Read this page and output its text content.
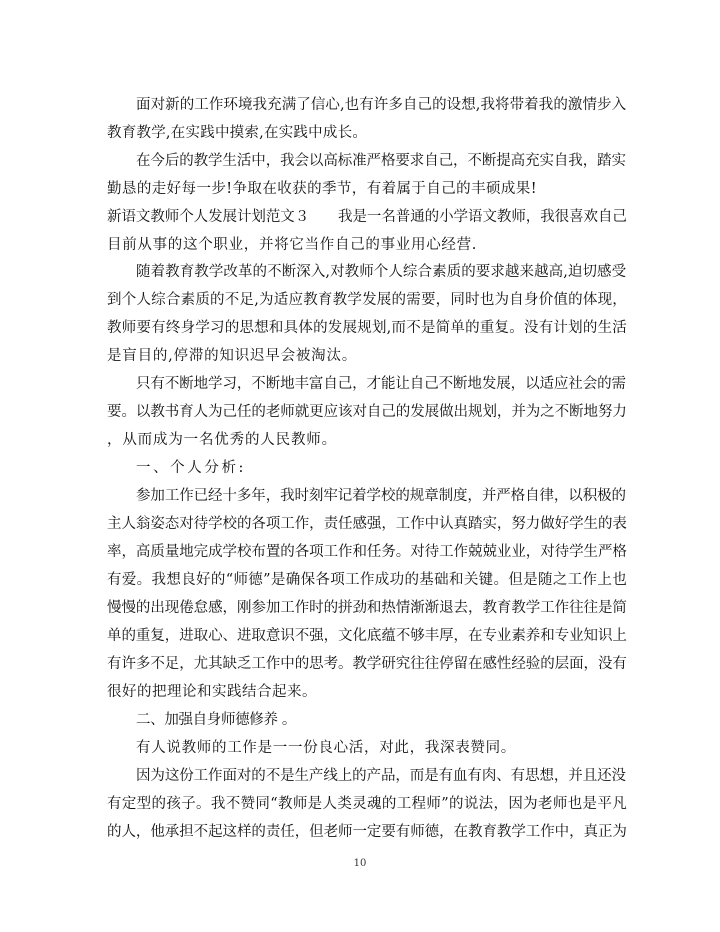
面对新的工作环境我充满了信心,也有许多自己的设想,我将带着我的激情步入
教育教学,在实践中摸索,在实践中成长。
在今后的教学生活中，我会以高标准严格要求自己，不断提高充实自我，踏实
勤恳的走好每一步!争取在收获的季节，有着属于自己的丰硕成果!
新语文教师个人发展计划范文３　　我是一名普通的小学语文教师，我很喜欢自己
目前从事的这个职业，并将它当作自己的事业用心经营.
随着教育教学改革的不断深入,对教师个人综合素质的要求越来越高,迫切感受
到个人综合素质的不足,为适应教育教学发展的需要，同时也为自身价值的体现，
教师要有终身学习的思想和具体的发展规划,而不是简单的重复。没有计划的生活
是盲目的,停滞的知识迟早会被淘汰。
只有不断地学习，不断地丰富自己，才能让自己不断地发展，以适应社会的需
要。以教书育人为己任的老师就更应该对自己的发展做出规划，并为之不断地努力
，从而成为一名优秀的人民教师。
一、个人分析:
参加工作已经十多年，我时刻牢记着学校的规章制度，并严格自律，以积极的
主人翁姿态对待学校的各项工作，责任感强，工作中认真踏实，努力做好学生的表
率，高质量地完成学校布置的各项工作和任务。对待工作兢兢业业，对待学生严格
有爱。我想良好的“师德”是确保各项工作成功的基础和关键。但是随之工作上也
慢慢的出现倦怠感，刚参加工作时的拼劲和热情渐渐退去，教育教学工作往往是简
单的重复，进取心、进取意识不强，文化底蕴不够丰厚，在专业素养和专业知识上
有许多不足，尤其缺乏工作中的思考。教学研究往往停留在感性经验的层面，没有
很好的把理论和实践结合起来。
二、加强自身师德修养 。
有人说教师的工作是一一份良心活，对此，我深表赞同。
因为这份工作面对的不是生产线上的产品，而是有血有肉、有思想，并且还没
有定型的孩子。我不赞同“教师是人类灵魂的工程师”的说法，因为老师也是平凡
的人，他承担不起这样的责任，但老师一定要有师德，在教育教学工作中，真正为
10
